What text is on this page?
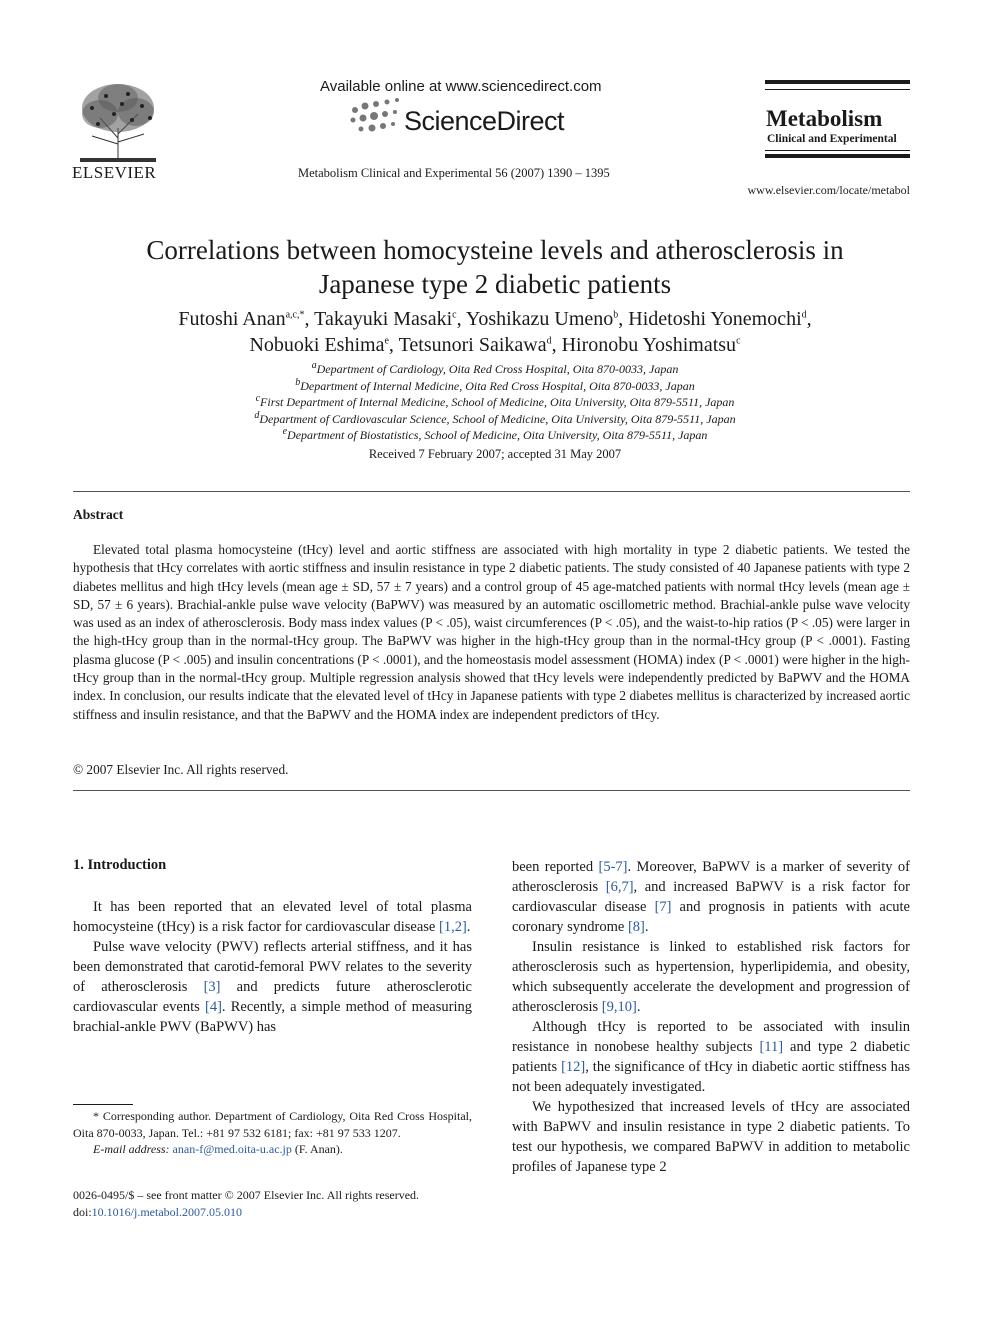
ELSEVIER
Available online at www.sciencedirect.com
ScienceDirect
Metabolism Clinical and Experimental 56 (2007) 1390 – 1395
Metabolism
Clinical and Experimental
www.elsevier.com/locate/metabol
Correlations between homocysteine levels and atherosclerosis in
Japanese type 2 diabetic patients
Futoshi Anan$^{a,c,*}$, Takayuki Masaki$^c$, Yoshikazu Umeno$^b$, Hidetoshi Yonemochi$^d$,
Nobuoki Eshima$^e$, Tetsunori Saikawa$^d$, Hironobu Yoshimatsu$^c$
$^a$Department of Cardiology, Oita Red Cross Hospital, Oita 870-0033, Japan
$^b$Department of Internal Medicine, Oita Red Cross Hospital, Oita 870-0033, Japan
$^c$First Department of Internal Medicine, School of Medicine, Oita University, Oita 879-5511, Japan
$^d$Department of Cardiovascular Science, School of Medicine, Oita University, Oita 879-5511, Japan
$^e$Department of Biostatistics, School of Medicine, Oita University, Oita 879-5511, Japan
Received 7 February 2007; accepted 31 May 2007
Abstract
Elevated total plasma homocysteine (tHcy) level and aortic stiffness are associated with high mortality in type 2 diabetic patients. We tested the hypothesis that tHcy correlates with aortic stiffness and insulin resistance in type 2 diabetic patients. The study consisted of 40 Japanese patients with type 2 diabetes mellitus and high tHcy levels (mean age ± SD, 57 ± 7 years) and a control group of 45 age-matched patients with normal tHcy levels (mean age ± SD, 57 ± 6 years). Brachial-ankle pulse wave velocity (BaPWV) was measured by an automatic oscillometric method. Brachial-ankle pulse wave velocity was used as an index of atherosclerosis. Body mass index values (P < .05), waist circumferences (P < .05), and the waist-to-hip ratios (P < .05) were larger in the high-tHcy group than in the normal-tHcy group. The BaPWV was higher in the high-tHcy group than in the normal-tHcy group (P < .0001). Fasting plasma glucose (P < .005) and insulin concentrations (P < .0001), and the homeostasis model assessment (HOMA) index (P < .0001) were higher in the high-tHcy group than in the normal-tHcy group. Multiple regression analysis showed that tHcy levels were independently predicted by BaPWV and the HOMA index. In conclusion, our results indicate that the elevated level of tHcy in Japanese patients with type 2 diabetes mellitus is characterized by increased aortic stiffness and insulin resistance, and that the BaPWV and the HOMA index are independent predictors of tHcy.
© 2007 Elsevier Inc. All rights reserved.
1. Introduction

It has been reported that an elevated level of total plasma homocysteine (tHcy) is a risk factor for cardiovascular disease [1,2].

Pulse wave velocity (PWV) reflects arterial stiffness, and it has been demonstrated that carotid-femoral PWV relates to the severity of atherosclerosis [3] and predicts future atherosclerotic cardiovascular events [4]. Recently, a simple method of measuring brachial-ankle PWV (BaPWV) has

been reported [5-7]. Moreover, BaPWV is a marker of severity of atherosclerosis [6,7], and increased BaPWV is a risk factor for cardiovascular disease [7] and prognosis in patients with acute coronary syndrome [8].

Insulin resistance is linked to established risk factors for atherosclerosis such as hypertension, hyperlipidemia, and obesity, which subsequently accelerate the development and progression of atherosclerosis [9,10].

Although tHcy is reported to be associated with insulin resistance in nonobese healthy subjects [11] and type 2 diabetic patients [12], the significance of tHcy in diabetic aortic stiffness has not been adequately investigated.

We hypothesized that increased levels of tHcy are associated with BaPWV and insulin resistance in type 2 diabetic patients. To test our hypothesis, we compared BaPWV in addition to metabolic profiles of Japanese type 2

* Corresponding author. Department of Cardiology, Oita Red Cross Hospital, Oita 870-0033, Japan. Tel.: +81 97 532 6181; fax: +81 97 533 1207.
E-mail address: anan-f@med.oita-u.ac.jp (F. Anan).
0026-0495/$ – see front matter © 2007 Elsevier Inc. All rights reserved.
doi:10.1016/j.metabol.2007.05.010
